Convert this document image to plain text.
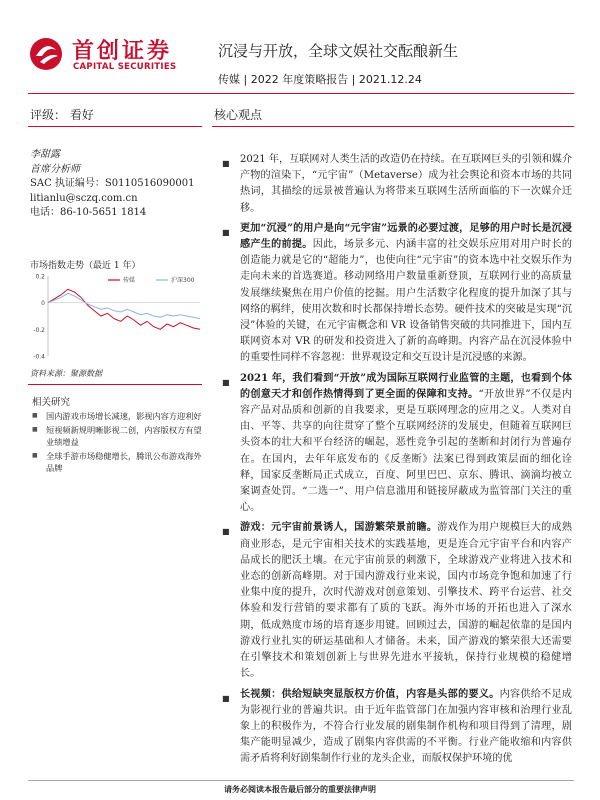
首创证券
CAPITAL SECURITIES
沉浸与开放，全球文娱社交酝酿新生
传媒 | 2022 年度策略报告 | 2021.12.24
评级： 看好
李甜露
首席分析师
SAC 执证编号：S0110516090001
litianlu@sczq.com.cn
电话：86-10-5651 1814
市场指数走势（最近 1 年）
0.2
0
-0.2
-0.4
传媒	沪深300
资料来源：聚源数据
相关研究
■ 国内游戏市场增长减速，影视内容方迎利好
■ 短视频新规明晰影视二创，内容版权方有望业绩增益
■ 全球手游市场稳健增长，腾讯公布游戏海外品牌
核心观点
■ 2021 年，互联网对人类生活的改造仍在持续。在互联网巨头的引领和媒介产物的渲染下，“元宇宙”（Metaverse）成为社会舆论和资本市场的共同热词，其描绘的远景被普遍认为将带来互联网生活所面临的下一次媒介迁移。
■ 更加“沉浸”的用户是向“元宇宙”远景的必要过渡，足够的用户时长是沉浸感产生的前提。因此，场景多元、内涵丰富的社交娱乐应用对用户时长的创造能力就是它的“超能力”，也使向往“元宇宙”的资本选中社交娱乐作为走向未来的首选赛道。移动网络用户数量重新登顶，互联网行业的高质量发展继续聚焦在用户价值的挖掘。用户生活数字化程度的提升加深了其与网络的羁绊，使用次数和时长都保持增长态势。硬件技术的突破是实现“沉浸”体验的关键，在元宇宙概念和 VR 设备销售突破的共同推进下，国内互联网资本对 VR 的研发和投资进入了新的高峰期。内容产品在沉浸体验中的重要性同样不容忽视：世界观设定和交互设计是沉浸感的来源。
■ 2021 年，我们看到“开放”成为国际互联网行业监管的主题，也看到个体的创意天才和创作热情得到了更全面的保障和支持。“开放世界”不仅是内容产品对品质和创新的自我要求，更是互联网理念的应用之义。人类对自由、平等、共享的向往贯穿了整个互联网经济的发展史，但随着互联网巨头资本的壮大和平台经济的崛起，恶性竞争引起的垄断和封闭行为普遍存在。在国内，去年年底发布的《反垄断》法案已得到政策层面的细化诠释，国家反垄断局正式成立，百度、阿里巴巴、京东、腾讯、滴滴均被立案调查处罚。“二选一”、用户信息滥用和链接屏蔽成为监管部门关注的重心。
■ 游戏：元宇宙前景诱人，国游繁荣景前瞻。游戏作为用户规模巨大的成熟商业形态，是元宇宙相关技术的实践基地，更是连合元宇宙平台和内容产品成长的肥沃土壤。在元宇宙前景的刺激下，全球游戏产业将进入技术和业态的创新高峰期。对于国内游戏行业来说，国内市场竞争饱和加速了行业集中度的提升，次时代游戏对创意策划、引擎技术、跨平台运营、社交体验和发行营销的要求都有了质的飞跃。海外市场的开拓也进入了深水期，低成熟度市场的培育逐步用键。回顾过去，国游的崛起依靠的是国内游戏行业扎实的研运基础和人才储备。未来，国产游戏的繁荣很大还需要在引擎技术和策划创新上与世界先进水平接轨，保持行业规模的稳健增长。
■ 长视频：供给短缺突显版权方价值，内容是头部的要义。内容供给不足成为影视行业的普遍共识。由于近年监管部门在加强内容审核和治理行业乱象上的积极作为，不符合行业发展的剧集制作机构和项目得到了清理，剧集产能明显减少，造成了剧集内容供需的不平衡。行业产能收缩和内容供需矛盾将利好剧集制作行业的龙头企业，而版权保护环境的优
请务必阅读本报告最后部分的重要法律声明
